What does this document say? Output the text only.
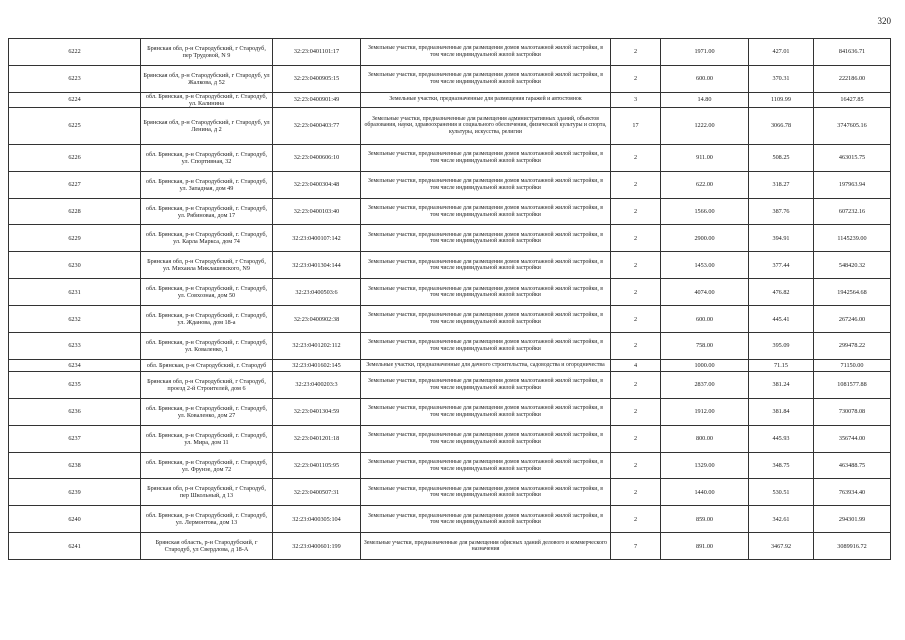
320
6222	Брянская обл, р-н Стародубский, г Стародуб, пер Трудовой, N 9	32:23:0401101:17	Земельные участки, предназначенные для размещения домов малоэтажной жилой застройки, в том числе индивидуальной жилой застройки	2	1971.00	427.01	841636.71
6223	Брянская обл, р-н Стародубский, г Стародуб, ул Жалкова, д 52	32:23:0400905:15	Земельные участки, предназначенные для размещения домов малоэтажной жилой застройки, в том числе индивидуальной жилой застройки	2	600.00	370.31	222186.00
6224	обл. Брянская, р-н Стародубский, г. Стародуб, ул. Калинина	32:23:0400901:49	Земельные участки, предназначенные для размещения гаражей и автостоянок	3	14.80	1109.99	16427.85
6225	Брянская обл, р-н Стародубский, г Стародуб, ул Ленина, д 2	32:23:0400403:77	Земельные участки, предназначенные для размещения административных зданий, объектов образования, науки, здравоохранения и социального обеспечения, физической культуры и спорта, культуры, искусства, религии	17	1222.00	3066.78	3747605.16
6226	обл. Брянская, р-н Стародубский, г. Стародуб, ул. Спортивная, 32	32:23:0400606:10	Земельные участки, предназначенные для размещения домов малоэтажной жилой застройки, в том числе индивидуальной жилой застройки	2	911.00	508.25	463015.75
6227	обл. Брянская, р-н Стародубский, г. Стародуб, ул. Западная, дом 49	32:23:0400304:48	Земельные участки, предназначенные для размещения домов малоэтажной жилой застройки, в том числе индивидуальной жилой застройки	2	622.00	318.27	197963.94
6228	обл. Брянская, р-н Стародубский, г. Стародуб, ул. Рябиновая, дом 17	32:23:0400103:40	Земельные участки, предназначенные для размещения домов малоэтажной жилой застройки, в том числе индивидуальной жилой застройки	2	1566.00	387.76	607232.16
6229	обл. Брянская, р-н Стародубский, г. Стародуб, ул. Карла Маркса, дом 74	32:23:0400107:142	Земельные участки, предназначенные для размещения домов малоэтажной жилой застройки, в том числе индивидуальной жилой застройки	2	2900.00	394.91	1145239.00
6230	Брянская обл, р-н Стародубский, г Стародуб, ул. Михаила Миклашевского, N9	32:23:0401304:144	Земельные участки, предназначенные для размещения домов малоэтажной жилой застройки, в том числе индивидуальной жилой застройки	2	1453.00	377.44	548420.32
6231	обл. Брянская, р-н Стародубский, г. Стародуб, ул. Совхозная, дом 50	32:23:0400503:6	Земельные участки, предназначенные для размещения домов малоэтажной жилой застройки, в том числе индивидуальной жилой застройки	2	4074.00	476.82	1942564.68
6232	обл. Брянская, р-н Стародубский, г. Стародуб, ул. Жданова, дом 18-а	32:23:0400902:38	Земельные участки, предназначенные для размещения домов малоэтажной жилой застройки, в том числе индивидуальной жилой застройки	2	600.00	445.41	267246.00
6233	обл. Брянская, р-н Стародубский, г. Стародуб, ул. Коваленко, 1	32:23:0401202:112	Земельные участки, предназначенные для размещения домов малоэтажной жилой застройки, в том числе индивидуальной жилой застройки	2	758.00	395.09	299478.22
6234	обл. Брянская, р-н Стародубский, г. Стародуб	32:23:0401602:145	Земельные участки, предназначенные для дачного строительства, садоводства и огородничества	4	1000.00	71.15	71150.00
6235	Брянская обл, р-н Стародубский, г Стародуб, проезд 2-й Строителей, дом 6	32:23:0400203:3	Земельные участки, предназначенные для размещения домов малоэтажной жилой застройки, в том числе индивидуальной жилой застройки	2	2837.00	381.24	1081577.88
6236	обл. Брянская, р-н Стародубский, г. Стародуб, ул. Коваленко, дом 27	32:23:0401304:59	Земельные участки, предназначенные для размещения домов малоэтажной жилой застройки, в том числе индивидуальной жилой застройки	2	1912.00	381.84	730078.08
6237	обл. Брянская, р-н Стародубский, г. Стародуб, ул. Мира, дом 11	32:23:0401201:18	Земельные участки, предназначенные для размещения домов малоэтажной жилой застройки, в том числе индивидуальной жилой застройки	2	800.00	445.93	356744.00
6238	обл. Брянская, р-н Стародубский, г. Стародуб, ул. Фрунзе, дом 72	32:23:0401105:95	Земельные участки, предназначенные для размещения домов малоэтажной жилой застройки, в том числе индивидуальной жилой застройки	2	1329.00	348.75	463488.75
6239	Брянская обл, р-н Стародубский, г Стародуб, пер Школьный, д 13	32:23:0400507:31	Земельные участки, предназначенные для размещения домов малоэтажной жилой застройки, в том числе индивидуальной жилой застройки	2	1440.00	530.51	763934.40
6240	обл. Брянская, р-н Стародубский, г. Стародуб, ул. Лермонтова, дом 13	32:23:0400305:104	Земельные участки, предназначенные для размещения домов малоэтажной жилой застройки, в том числе индивидуальной жилой застройки	2	859.00	342.61	294301.99
6241	Брянская область, р-н Стародубский, г Стародуб, ул Свердлова, д 18-А	32:23:0400601:199	Земельные участки, предназначенные для размещения офисных зданий делового и коммерческого назначения	7	891.00	3467.92	3089916.72
